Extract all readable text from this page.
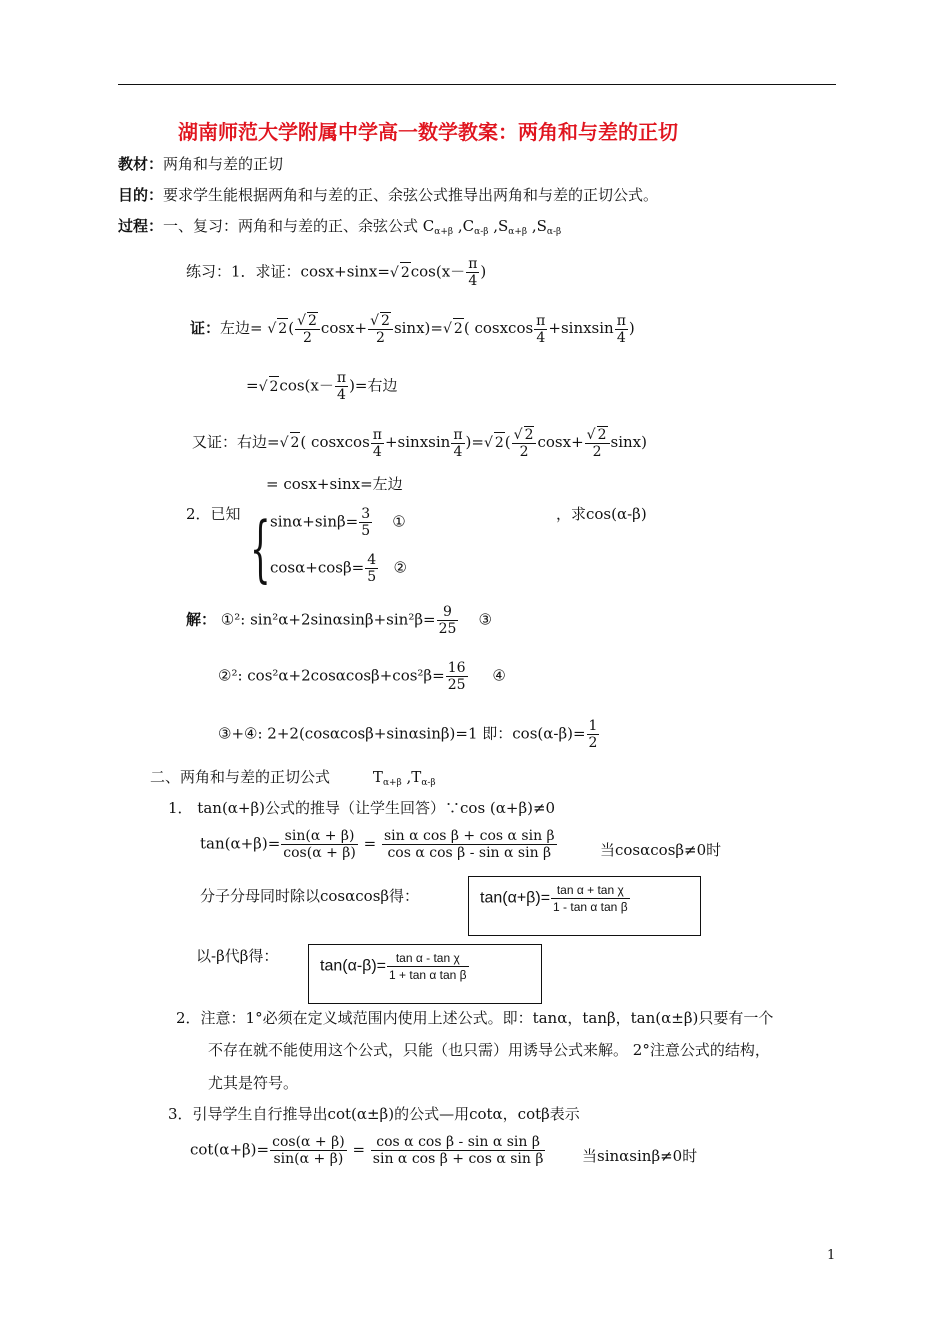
湖南师范大学附属中学高一数学教案：两角和与差的正切
教材：两角和与差的正切
目的：要求学生能根据两角和与差的正、余弦公式推导出两角和与差的正切公式。
过程：一、复习：两角和与差的正、余弦公式 $C_{\alpha+\beta}$ $,C_{\alpha-\beta}$ $,S_{\alpha+\beta}$ $,S_{\alpha-\beta}$
练习：1．求证：cosx+sinx=√ $2\cos(x- \frac{\pi}{4}$ )
证：左边= √ $2( \frac{√ 2}{2} \cos x+ \frac{√ 2}{2} \sin x)=√$ 2( cosxcos $\frac{\pi}{4}$ +sinxsin $\frac{\pi}{4}$ )
=√ $2\cos(x- \frac{\pi}{4}$ )=右边
又证：右边=√ 2( cosxcos $\frac{\pi}{4}$ +sinxsin $\frac{\pi}{4}$ )=√ $2( \frac{√ 2}{2} \cos x+ \frac{√ 2}{2} \sin x)$
= cosx+sinx=左边
2．已知 { $\sin\alpha+\sin\beta= \frac{3}{5}$ ①
$\cos\alpha+\cos\beta= \frac{4}{5}$ ②
，求cos(α-β)
解： ①²: $\sin^2\alpha+2\sin\alpha\sin\beta+\sin^2\beta= \frac{9}{25}$ ③
②²: $\cos^2\alpha+2\cos\alpha\cos\beta+\cos^2\beta= \frac{16}{25}$ ④
③+④: 2+2(cosαcosβ+sinαsinβ)=1 即：$\cos(\alpha-\beta)= \frac{1}{2}$
二、两角和与差的正切公式         $T_{\alpha+\beta}$ $,T_{\alpha-\beta}$
1． tan(α+β)公式的推导（让学生回答）∵cos (α+β)≠0
$\tan(\alpha+\beta)= \frac{\sin(\alpha + \beta)}{\cos(\alpha + \beta)} = \frac{\text{sin α cos β + cos α sin β}}{\text{cos α cos β - sin α sin β}}$	当cosαcosβ≠0时
分子分母同时除以cosαcosβ得：	$\tan(\alpha+\beta)= \frac{\text{tan α + tan χ}}{\text{1 - tan α tan β}}$
以-β代β得：
$\tan(\alpha-\beta)= \frac{\text{tan α - tan χ}}{\text{1 + tan α tan β}}$
2．注意：1°必须在定义域范围内使用上述公式。即：tanα，tanβ，tan(α±β)只要有一个
不存在就不能使用这个公式，只能（也只需）用诱导公式来解。 2°注意公式的结构，
尤其是符号。
3．引导学生自行推导出cot(α±β)的公式—用cotα，cotβ表示
$\cot(\alpha+\beta)= \frac{\cos(\alpha + \beta)}{\sin(\alpha + \beta)} = \frac{\text{cos α cos β - sin α sin β}}{\text{sin α cos β + cos α sin β}}$ 当sinαsinβ≠0时
1
